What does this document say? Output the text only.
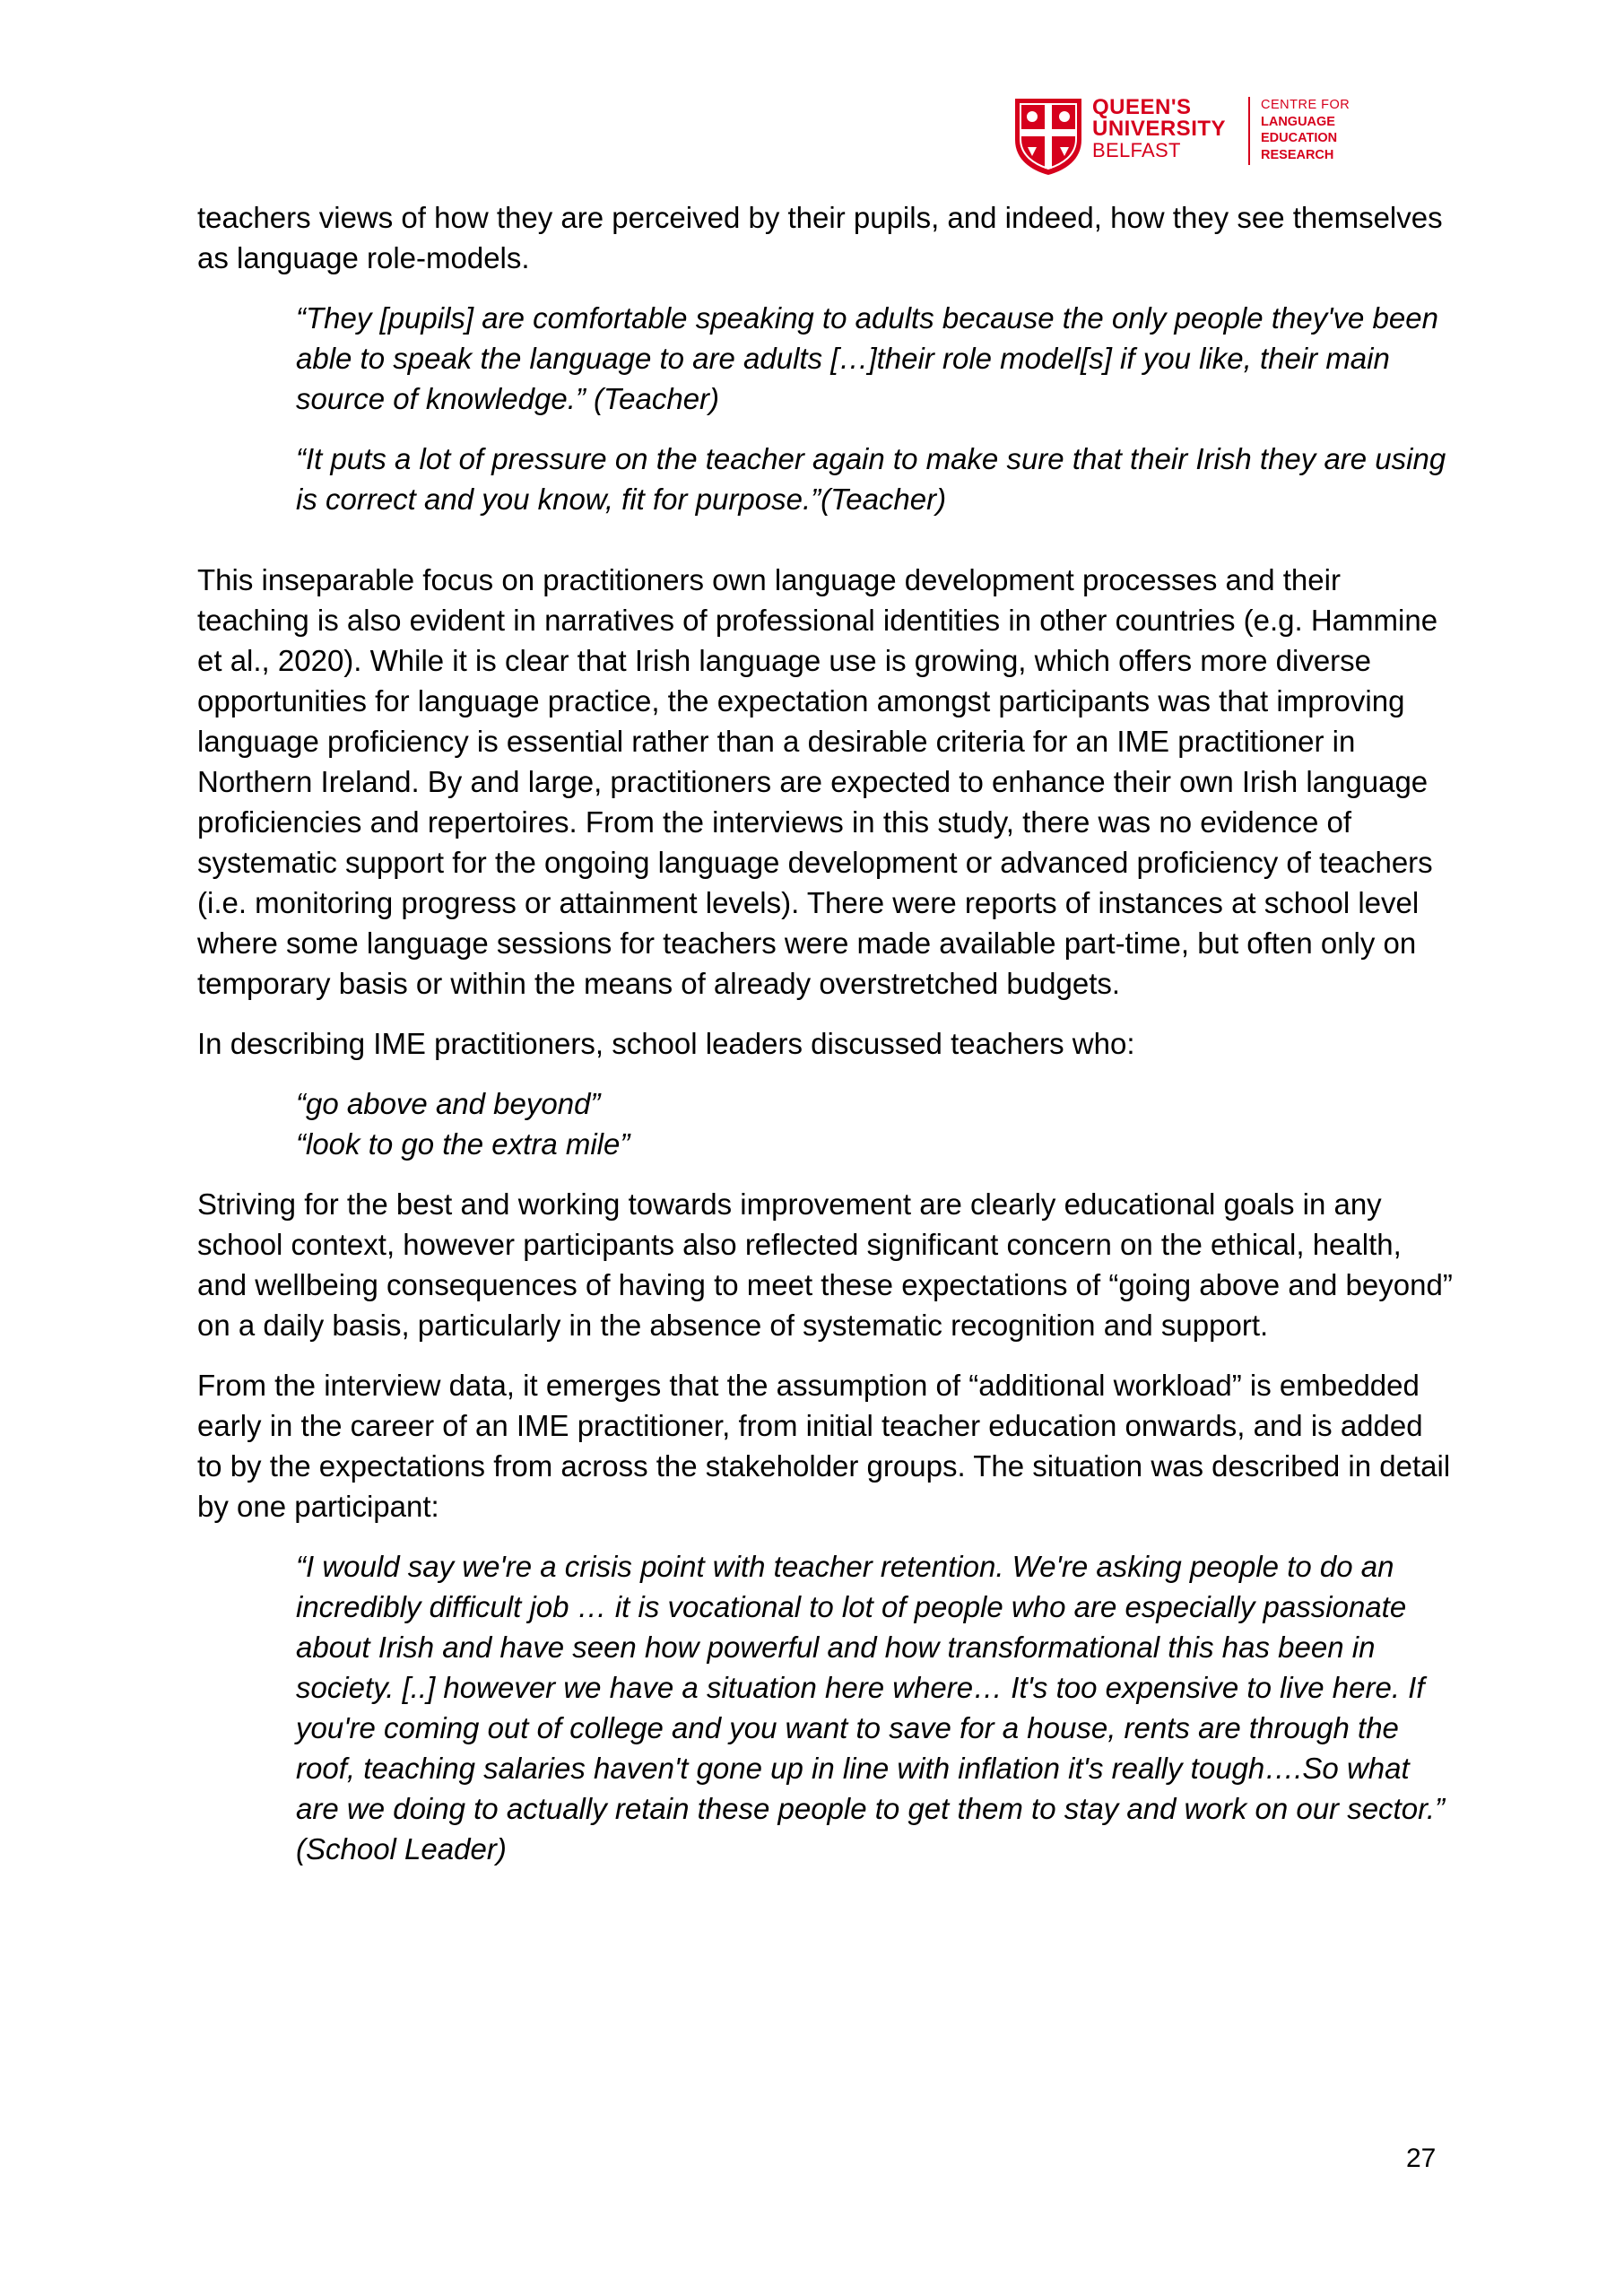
QUEEN'S
UNIVERSITY
BELFAST
CENTRE FOR
LANGUAGE
EDUCATION
RESEARCH

teachers views of how they are perceived by their pupils, and indeed, how they see themselves as language role-models.

“They [pupils] are comfortable speaking to adults because the only people they've been able to speak the language to are adults […]their role model[s] if you like, their main source of knowledge.” (Teacher)

“It puts a lot of pressure on the teacher again to make sure that their Irish they are using is correct and you know, fit for purpose.”(Teacher)

This inseparable focus on practitioners own language development processes and their teaching is also evident in narratives of professional identities in other countries (e.g. Hammine et al., 2020). While it is clear that Irish language use is growing, which offers more diverse opportunities for language practice, the expectation amongst participants was that improving language proficiency is essential rather than a desirable criteria for an IME practitioner in Northern Ireland. By and large, practitioners are expected to enhance their own Irish language proficiencies and repertoires. From the interviews in this study, there was no evidence of systematic support for the ongoing language development or advanced proficiency of teachers (i.e. monitoring progress or attainment levels). There were reports of instances at school level where some language sessions for teachers were made available part-time, but often only on temporary basis or within the means of already overstretched budgets.

In describing IME practitioners, school leaders discussed teachers who:

“go above and beyond”

“look to go the extra mile”

Striving for the best and working towards improvement are clearly educational goals in any school context, however participants also reflected significant concern on the ethical, health, and wellbeing consequences of having to meet these expectations of “going above and beyond” on a daily basis, particularly in the absence of systematic recognition and support.

From the interview data, it emerges that the assumption of “additional workload” is embedded early in the career of an IME practitioner, from initial teacher education onwards, and is added to by the expectations from across the stakeholder groups. The situation was described in detail by one participant:

“I would say we're a crisis point with teacher retention. We're asking people to do an incredibly difficult job … it is vocational to lot of people who are especially passionate about Irish and have seen how powerful and how transformational this has been in society. [..] however we have a situation here where… It's too expensive to live here. If you're coming out of college and you want to save for a house, rents are through the roof, teaching salaries haven't gone up in line with inflation it's really tough….So what are we doing to actually retain these people to get them to stay and work on our sector.” (School Leader)

27
